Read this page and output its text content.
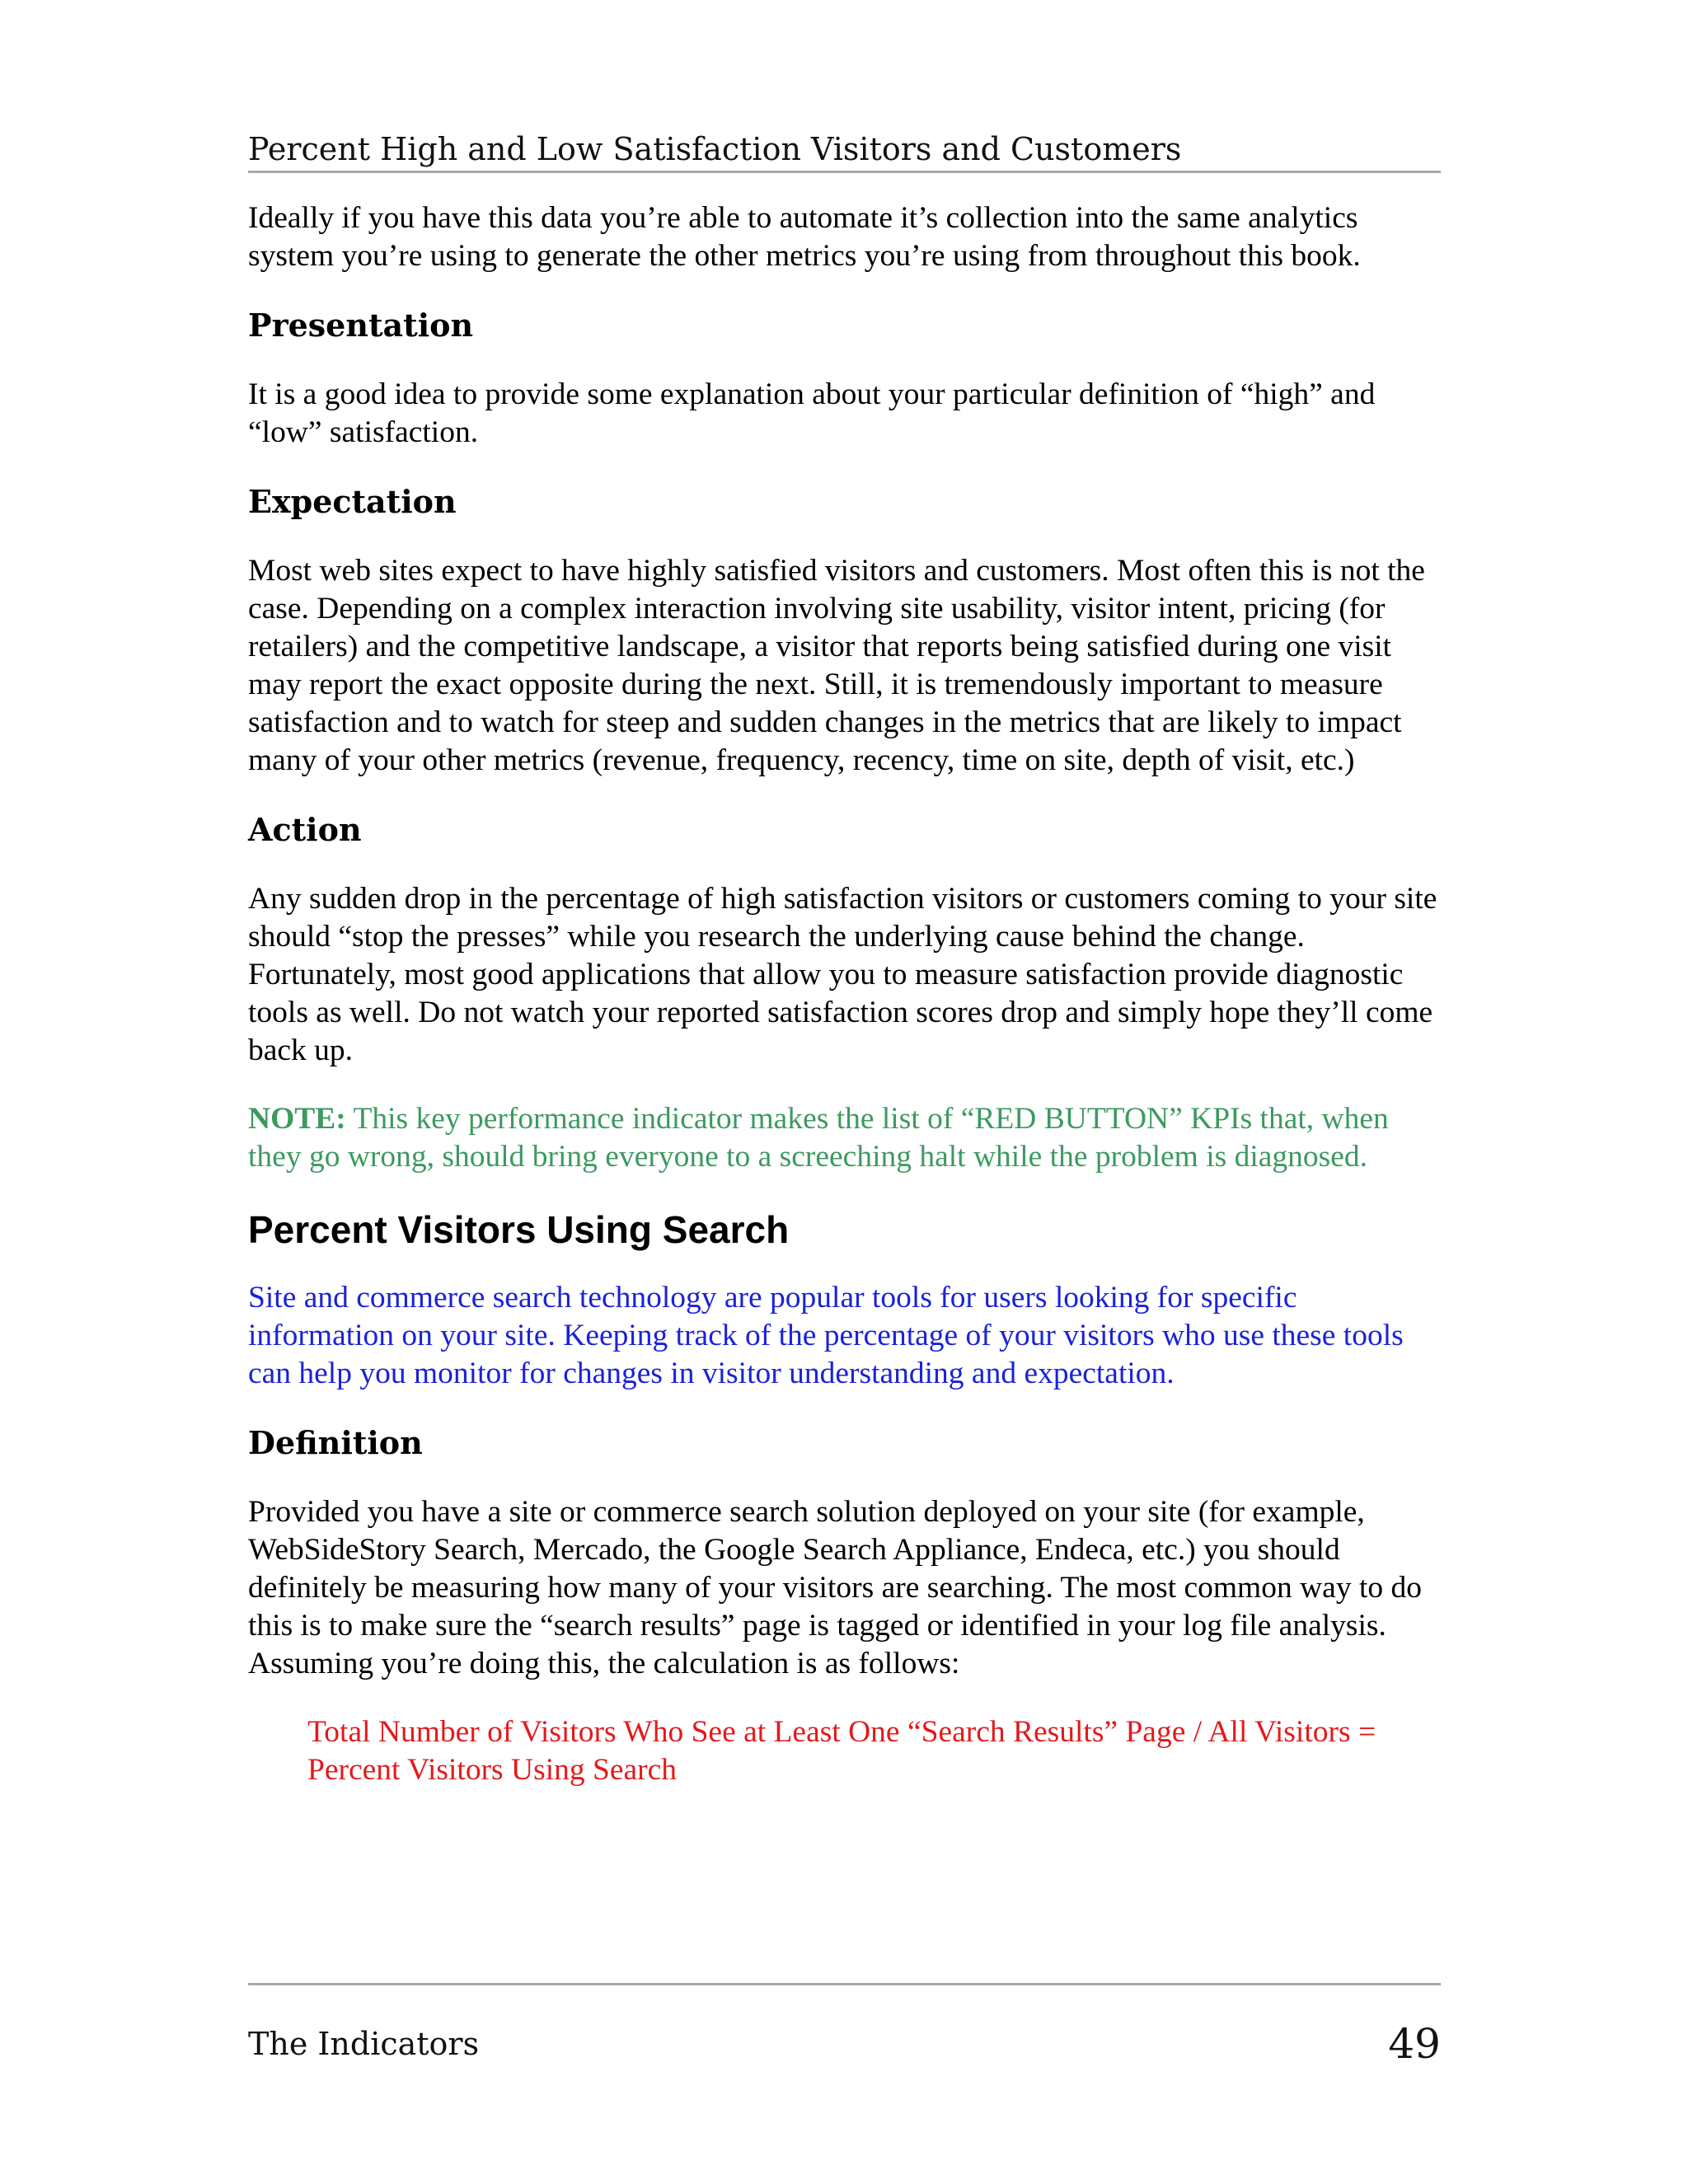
Percent High and Low Satisfaction Visitors and Customers

Ideally if you have this data you’re able to automate it’s collection into the same analytics system you’re using to generate the other metrics you’re using from throughout this book.

Presentation

It is a good idea to provide some explanation about your particular definition of “high” and “low” satisfaction.

Expectation

Most web sites expect to have highly satisfied visitors and customers. Most often this is not the case. Depending on a complex interaction involving site usability, visitor intent, pricing (for retailers) and the competitive landscape, a visitor that reports being satisfied during one visit may report the exact opposite during the next. Still, it is tremendously important to measure satisfaction and to watch for steep and sudden changes in the metrics that are likely to impact many of your other metrics (revenue, frequency, recency, time on site, depth of visit, etc.)

Action

Any sudden drop in the percentage of high satisfaction visitors or customers coming to your site should “stop the presses” while you research the underlying cause behind the change. Fortunately, most good applications that allow you to measure satisfaction provide diagnostic tools as well. Do not watch your reported satisfaction scores drop and simply hope they’ll come back up.

NOTE: This key performance indicator makes the list of “RED BUTTON” KPIs that, when they go wrong, should bring everyone to a screeching halt while the problem is diagnosed.

Percent Visitors Using Search

Site and commerce search technology are popular tools for users looking for specific information on your site. Keeping track of the percentage of your visitors who use these tools can help you monitor for changes in visitor understanding and expectation.

Definition

Provided you have a site or commerce search solution deployed on your site (for example, WebSideStory Search, Mercado, the Google Search Appliance, Endeca, etc.) you should definitely be measuring how many of your visitors are searching. The most common way to do this is to make sure the “search results” page is tagged or identified in your log file analysis. Assuming you’re doing this, the calculation is as follows:

Total Number of Visitors Who See at Least One “Search Results” Page / All Visitors = Percent Visitors Using Search

The Indicators	49
